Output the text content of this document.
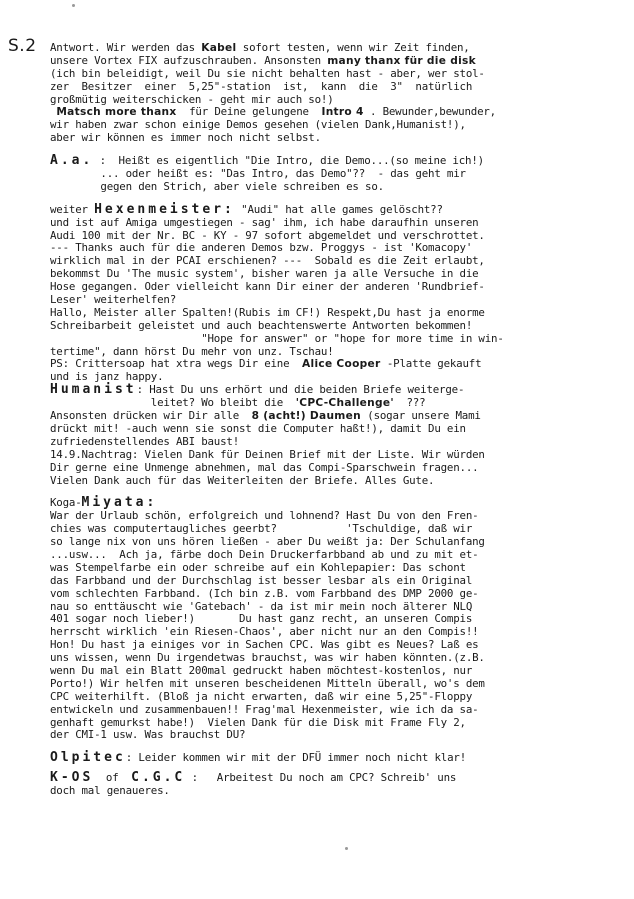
S.2 Antwort. Wir werden das Kabel sofort testen, wenn wir Zeit finden,
unsere Vortex FIX aufzuschrauben. Ansonsten many thanx für die disk
(ich bin beleidigt, weil Du sie nicht behalten hast - aber, wer stol-
zer  Besitzer  einer  5,25"-station  ist,  kann  die  3"  natürlich
großmütig weiterschicken - geht mir auch so!)
Matsch more thanx  für Deine gelungene  Intro 4 . Bewunder,bewunder,
wir haben zwar schon einige Demos gesehen (vielen Dank,Humanist!),
aber wir können es immer noch nicht selbst.
A.a. :  Heißt es eigentlich "Die Intro, die Demo...(so meine ich!)
... oder heißt es: "Das Intro, das Demo"??  - das geht mir
gegen den Strich, aber viele schreiben es so.
weiter Hexenmeister: "Audi" hat alle games gelöscht??
und ist auf Amiga umgestiegen - sag' ihm, ich habe daraufhin unseren
Audi 100 mit der Nr. BC - KY - 97 sofort abgemeldet und verschrottet.
--- Thanks auch für die anderen Demos bzw. Proggys - ist 'Komacopy'
wirklich mal in der PCAI erschienen? ---  Sobald es die Zeit erlaubt,
bekommst Du 'The music system', bisher waren ja alle Versuche in die
Hose gegangen. Oder vielleicht kann Dir einer der anderen 'Rundbrief-
Leser' weiterhelfen?
Hallo, Meister aller Spalten!(Rubis im CF!) Respekt,Du hast ja enorme
Schreibarbeit geleistet und auch beachtenswerte Antworten bekommen!
"Hope for answer" or "hope for more time in win-
tertime", dann hörst Du mehr von unz. Tschau!
PS: Crittersoap hat xtra wegs Dir eine  Alice Cooper -Platte gekauft
und is janz happy.
Humanist: Hast Du uns erhört und die beiden Briefe weiterge-
leitet? Wo bleibt die  'CPC-Challenge'  ???
Ansonsten drücken wir Dir alle  8 (acht!) Daumen (sogar unsere Mami
drückt mit! -auch wenn sie sonst die Computer haßt!), damit Du ein
zufriedenstellendes ABI baust!
14.9.Nachtrag: Vielen Dank für Deinen Brief mit der Liste. Wir würden
Dir gerne eine Unmenge abnehmen, mal das Compi-Sparschwein fragen...
Vielen Dank auch für das Weiterleiten der Briefe. Alles Gute.
Koga-Miyata:
War der Urlaub schön, erfolgreich und lohnend? Hast Du von den Fren-
chies was computertaugliches geerbt?           'Tschuldige, daß wir
so lange nix von uns hören ließen - aber Du weißt ja: Der Schulanfang
...usw...  Ach ja, färbe doch Dein Druckerfarbband ab und zu mit et-
was Stempelfarbe ein oder schreibe auf ein Kohlepapier: Das schont
das Farbband und der Durchschlag ist besser lesbar als ein Original
vom schlechten Farbband. (Ich bin z.B. vom Farbband des DMP 2000 ge-
nau so enttäuscht wie 'Gatebach' - da ist mir mein noch älterer NLQ
401 sogar noch lieber!)       Du hast ganz recht, an unseren Compis
herrscht wirklich 'ein Riesen-Chaos', aber nicht nur an den Compis!!
Hon! Du hast ja einiges vor in Sachen CPC. Was gibt es Neues? Laß es
uns wissen, wenn Du irgendetwas brauchst, was wir haben könnten.(z.B.
wenn Du mal ein Blatt 200mal gedruckt haben möchtest-kostenlos, nur
Porto!) Wir helfen mit unseren bescheidenen Mitteln überall, wo's dem
CPC weiterhilft. (Bloß ja nicht erwarten, daß wir eine 5,25"-Floppy
entwickeln und zusammenbauen!! Frag'mal Hexenmeister, wie ich da sa-
genhaft gemurkst habe!)  Vielen Dank für die Disk mit Frame Fly 2,
der CMI-1 usw. Was brauchst DU?
Olpitec: Leider kommen wir mit der DFÜ immer noch nicht klar!
K-OS  of  C.G.C :   Arbeitest Du noch am CPC? Schreib' uns
doch mal genaueres.
